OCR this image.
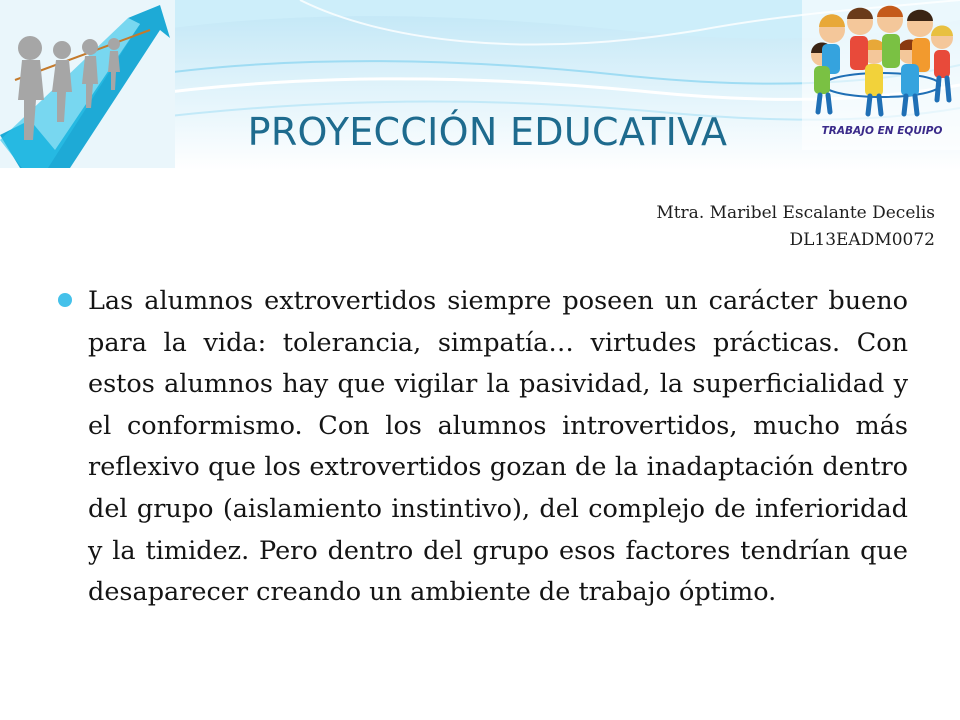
TRABAJO EN EQUIPO
PROYECCIÓN EDUCATIVA
Mtra. Maribel Escalante Decelis
DL13EADM0072

Las alumnos extrovertidos siempre poseen un carácter bueno para la vida: tolerancia, simpatía… virtudes prácticas. Con estos alumnos hay que vigilar la pasividad, la superficialidad y el conformismo. Con los alumnos introvertidos, mucho más reflexivo que los extrovertidos gozan de la inadaptación dentro del grupo (aislamiento instintivo), del complejo de inferioridad y la timidez. Pero dentro del grupo esos factores tendrían que desaparecer creando un ambiente de trabajo óptimo.
